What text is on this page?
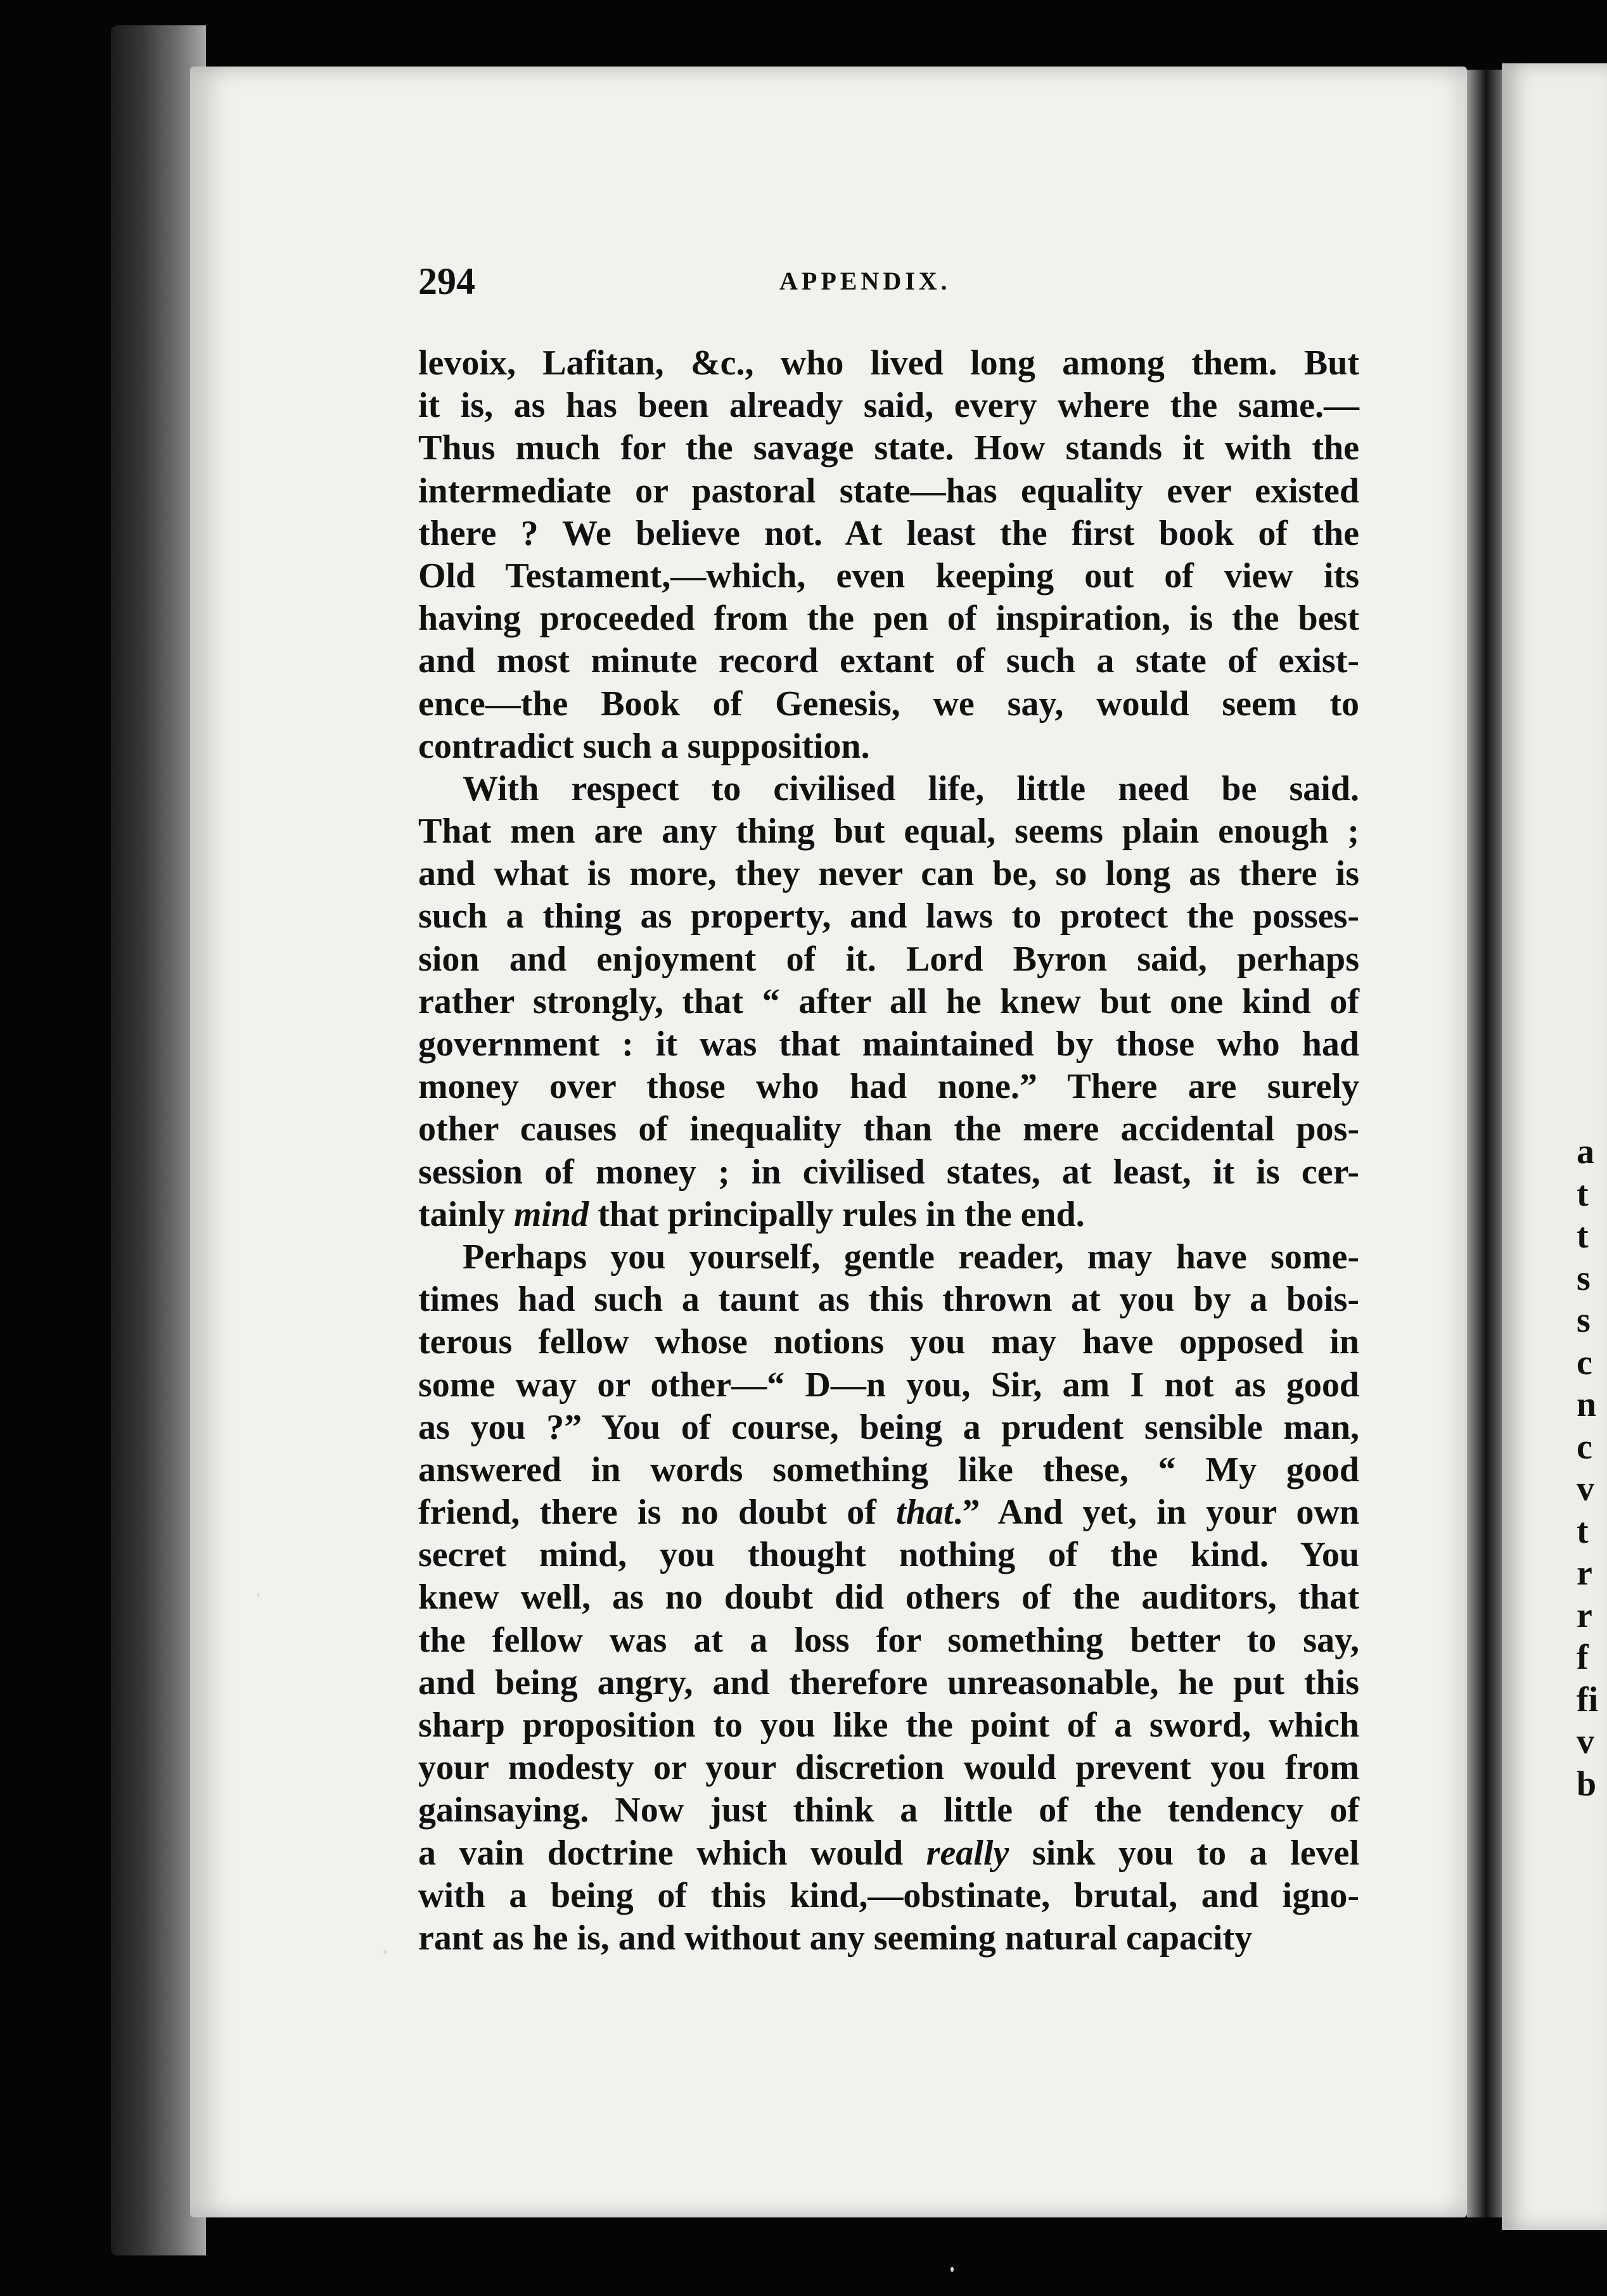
a
t
t
s
s
c
n
c
v
t
r
r
f
fi
v
b
294	APPENDIX.
levoix, Lafitan, &c., who lived long among them. But
it is, as has been already said, every where the same.—
Thus much for the savage state. How stands it with the
intermediate or pastoral state—has equality ever existed
there ? We believe not. At least the first book of the
Old Testament,—which, even keeping out of view its
having proceeded from the pen of inspiration, is the best
and most minute record extant of such a state of exist-
ence—the Book of Genesis, we say, would seem to
contradict such a supposition.
With respect to civilised life, little need be said.
That men are any thing but equal, seems plain enough ;
and what is more, they never can be, so long as there is
such a thing as property, and laws to protect the posses-
sion and enjoyment of it. Lord Byron said, perhaps
rather strongly, that “ after all he knew but one kind of
government : it was that maintained by those who had
money over those who had none.” There are surely
other causes of inequality than the mere accidental pos-
session of money ; in civilised states, at least, it is cer-
tainly mind that principally rules in the end.
Perhaps you yourself, gentle reader, may have some-
times had such a taunt as this thrown at you by a bois-
terous fellow whose notions you may have opposed in
some way or other—“ D—n you, Sir, am I not as good
as you ?” You of course, being a prudent sensible man,
answered in words something like these, “ My good
friend, there is no doubt of that.” And yet, in your own
secret mind, you thought nothing of the kind. You
knew well, as no doubt did others of the auditors, that
the fellow was at a loss for something better to say,
and being angry, and therefore unreasonable, he put this
sharp proposition to you like the point of a sword, which
your modesty or your discretion would prevent you from
gainsaying. Now just think a little of the tendency of
a vain doctrine which would really sink you to a level
with a being of this kind,—obstinate, brutal, and igno-
rant as he is, and without any seeming natural capacity
